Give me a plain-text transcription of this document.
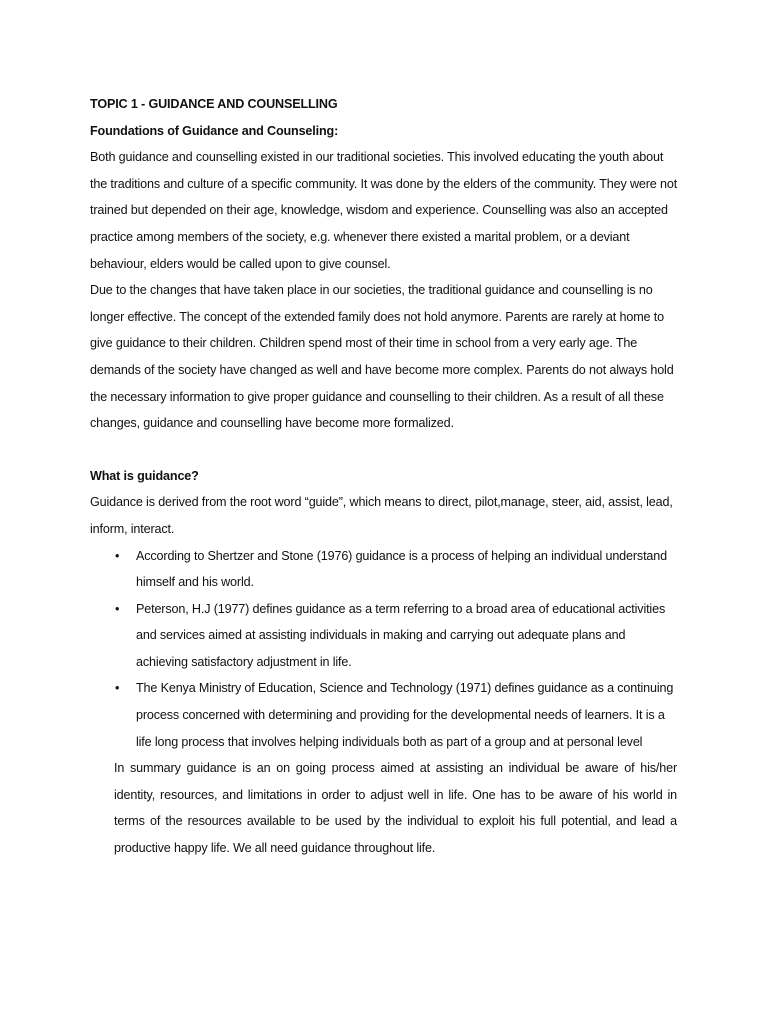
TOPIC 1 - GUIDANCE AND COUNSELLING

Foundations of Guidance and Counseling:

Both guidance and counselling existed in our traditional societies. This involved educating the youth about the traditions and culture of a specific community. It was done by the elders of the community. They were not trained but depended on their age, knowledge, wisdom and experience. Counselling was also an accepted practice among members of the society, e.g. whenever there existed a marital problem, or a deviant behaviour, elders would be called upon to give counsel.

Due to the changes that have taken place in our societies, the traditional guidance and counselling is no longer effective. The concept of the extended family does not hold anymore. Parents are rarely at home to give guidance to their children. Children spend most of their time in school from a very early age. The demands of the society have changed as well and have become more complex. Parents do not always hold the necessary information to give proper guidance and counselling to their children. As a result of all these changes, guidance and counselling have become more formalized.

What is guidance?

Guidance is derived from the root word “guide”, which means to direct, pilot,manage, steer, aid, assist, lead, inform, interact.

• According to Shertzer and Stone (1976) guidance is a process of helping an individual understand himself and his world.
• Peterson, H.J (1977) defines guidance as a term referring to a broad area of educational activities and services aimed at assisting individuals in making and carrying out adequate plans and achieving satisfactory adjustment in life.
• The Kenya Ministry of Education, Science and Technology (1971) defines guidance as a continuing process concerned with determining and providing for the developmental needs of learners. It is a life long process that involves helping individuals both as part of a group and at personal level

In summary guidance is an on going process aimed at assisting an individual be aware of his/her identity, resources, and limitations in order to adjust well in life. One has to be aware of his world in terms of the resources available to be used by the individual to exploit his full potential, and lead a productive happy life. We all need guidance throughout life.
